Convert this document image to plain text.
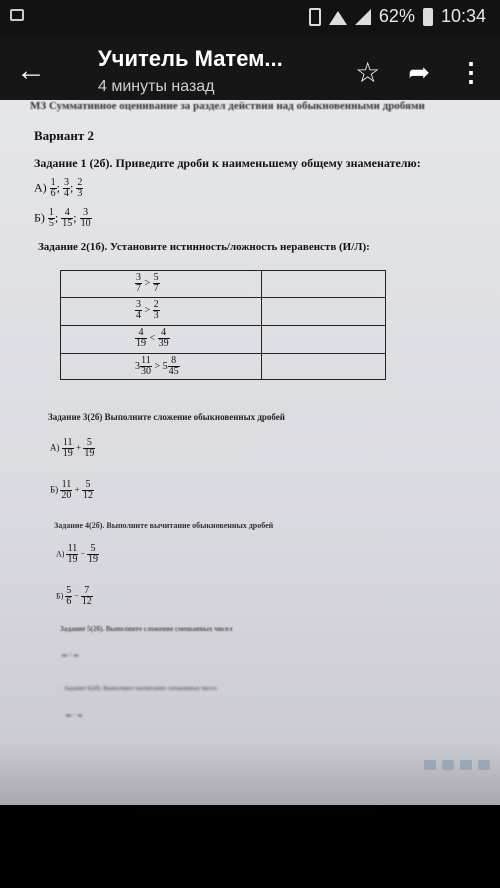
62% 10:34
← Учитель Матем...
4 минуты назад	☆ ➦ ⋮
МЗ Суммативное оценивание за раздел действия над обыкновенными дробями
Вариант 2
Задание 1 (2б). Приведите дроби к наименьшему общему знаменателю:
$А) \frac{1}{6}$ ; $\frac{3}{4}$ ; $\frac{2}{3}$
$Б) \frac{1}{5}$ ; $\frac{4}{15}$ ; $\frac{3}{10}$
Задание 2(1б). Установите истинность/ложность неравенств (И/Л):
$\frac{3}{7} > \frac{5}{7}$
$\frac{3}{4} > \frac{2}{3}$
$\frac{4}{19} < \frac{4}{39}$
$3 \frac{11}{30} > 5 \frac{8}{45}$
Задание 3(2б) Выполните сложение обыкновенных дробей
$А) \frac{11}{19} + \frac{5}{19}$
$Б) \frac{11}{20} + \frac{5}{12}$
Задание 4(2б). Выполните вычитание обыкновенных дробей
$А) \frac{11}{19} - \frac{5}{19}$
$Б) \frac{5}{6} - \frac{7}{12}$
Задание 5(2б). Выполните сложение смешанных чисел

+

Задание 6(2б). Выполните вычитание смешанных чисел

−
